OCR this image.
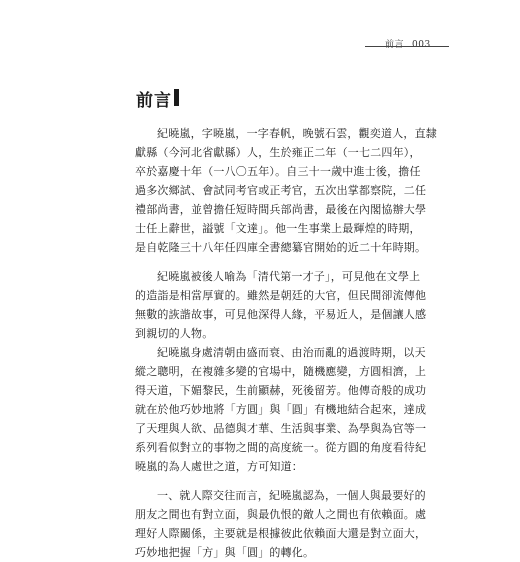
前言 003
前言

紀曉嵐，字曉嵐，一字春帆，晚號石雲，觀奕道人，直隸
獻縣（今河北省獻縣）人，生於雍正二年（一七二四年），
卒於嘉慶十年（一八〇五年）。自三十一歲中進士後，擔任
過多次鄉試、會試同考官或正考官，五次出掌都察院，二任
禮部尚書，並曾擔任短時間兵部尚書，最後在內閣協辦大學
士任上辭世，謚號「文達」。他一生事業上最輝煌的時期，
是自乾隆三十八年任四庫全書總纂官開始的近二十年時期。

紀曉嵐被後人喻為「清代第一才子」，可見他在文學上
的造詣是相當厚實的。雖然是朝廷的大官，但民間卻流傳他
無數的詼諧故事，可見他深得人緣，平易近人，是個讓人感
到親切的人物。

紀曉嵐身處清朝由盛而衰、由治而亂的過渡時期，以天
縱之聰明，在複雜多變的官場中，隨機應變，方圓相濟，上
得天道，下媚黎民，生前顯赫，死後留芳。他傳奇般的成功
就在於他巧妙地將「方圓」與「圓」有機地結合起來，達成
了天理與人欲、品德與才華、生活與事業、為學與為官等一
系列看似對立的事物之間的高度統一。從方圓的角度看待紀
曉嵐的為人處世之道，方可知道：

一、就人際交往而言，紀曉嵐認為，一個人與最要好的
朋友之間也有對立面，與最仇恨的敵人之間也有依賴面。處
理好人際關係，主要就是根據彼此依賴面大還是對立面大，
巧妙地把握「方」與「圓」的轉化。
